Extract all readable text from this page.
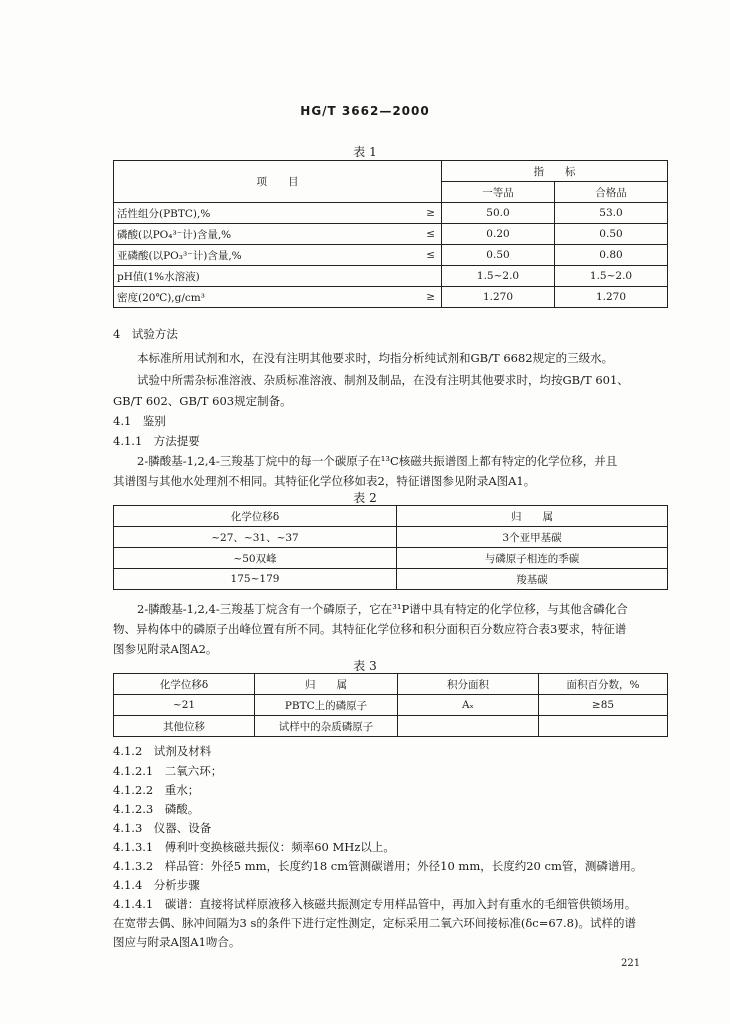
HG/T 3662—2000
表 1
项　　目		指　　标	
		一等品	合格品
活性组分(PBTC),%	≥	50.0	53.0
磷酸(以PO₄³⁻计)含量,%	≤	0.20	0.50
亚磷酸(以PO₃³⁻计)含量,%	≤	0.50	0.80
pH值(1%水溶液)		1.5~2.0	1.5~2.0
密度(20℃),g/cm³	≥	1.270	1.270
4　试验方法
本标准所用试剂和水，在没有注明其他要求时，均指分析纯试剂和GB/T 6682规定的三级水。
试验中所需杂标准溶液、杂质标准溶液、制剂及制品，在没有注明其他要求时，均按GB/T 601、
GB/T 602、GB/T 603规定制备。
4.1　鉴别
4.1.1　方法提要
2-膦酸基-1,2,4-三羧基丁烷中的每一个碳原子在¹³C核磁共振谱图上都有特定的化学位移，并且
其谱图与其他水处理剂不相同。其特征化学位移如表2，特征谱图参见附录A图A1。
表 2
化学位移δ	归　　属
~27、~31、~37	3个亚甲基碳
~50双峰	与磷原子相连的季碳
175~179	羧基碳
2-膦酸基-1,2,4-三羧基丁烷含有一个磷原子，它在³¹P谱中具有特定的化学位移，与其他含磷化合
物、异构体中的磷原子出峰位置有所不同。其特征化学位移和积分面积百分数应符合表3要求，特征谱
图参见附录A图A2。
表 3
化学位移δ	归　　属	积分面积	面积百分数，%
~21	PBTC上的磷原子	Aₓ	≥85
其他位移	试样中的杂质磷原子		
4.1.2　试剂及材料
4.1.2.1　二氧六环；
4.1.2.2　重水；
4.1.2.3　磷酸。
4.1.3　仪器、设备
4.1.3.1　傅利叶变换核磁共振仪：频率60 MHz以上。
4.1.3.2　样品管：外径5 mm，长度约18 cm管测碳谱用；外径10 mm，长度约20 cm管，测磷谱用。
4.1.4　分析步骤
4.1.4.1　碳谱：直接将试样原液移入核磁共振测定专用样品管中，再加入封有重水的毛细管供锁场用。
在宽带去偶、脉冲间隔为3 s的条件下进行定性测定，定标采用二氧六环间接标准(δc=67.8)。试样的谱
图应与附录A图A1吻合。
221
